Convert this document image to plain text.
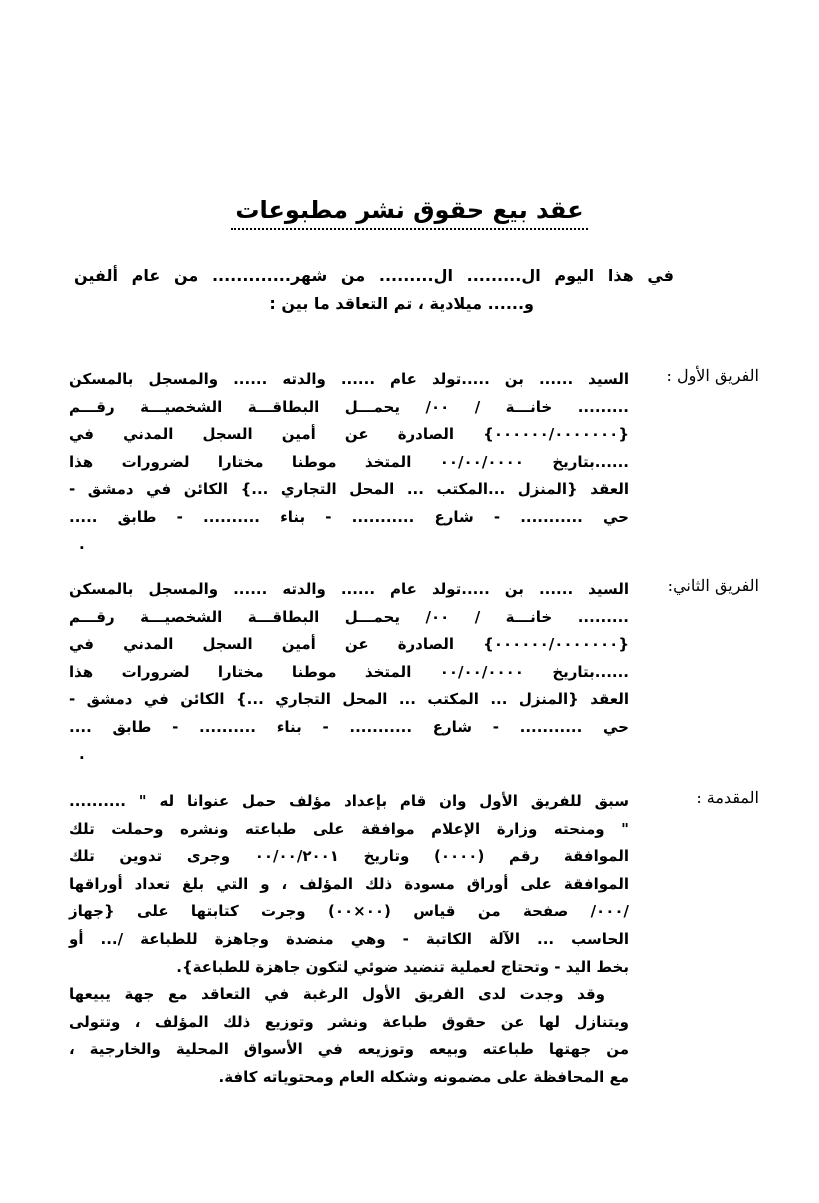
عقد بيع حقوق نشر مطبوعات
في هذا اليوم ال......... ال......... من شهر............. من عام ألفين
و...... ميلادية ، تم التعاقد ما بين :
الفريق الأول :
السيد ...... بن .....تولد عام ...... والدته ...... والمسجل بالمسكن
......... خانـــة / ٠٠/ يحمـــل البطاقـــة الشخصيـــة رقـــم
{٠٠٠٠٠٠/٠٠٠٠٠٠٠} الصادرة عن أمين السجل المدني في
......بتاريخ ٠٠/٠٠/٠٠٠٠ المتخذ موطنا مختارا لضرورات هذا
العقد {المنزل ...المكتب ... المحل التجاري ...} الكائن في دمشق -
حي ........... - شارع ........... - بناء .......... - طابق .....
.
الفريق الثاني:
السيد ...... بن .....تولد عام ...... والدته ...... والمسجل بالمسكن
......... خانـــة / ٠٠/ يحمـــل البطاقـــة الشخصيـــة رقـــم
{٠٠٠٠٠٠/٠٠٠٠٠٠٠} الصادرة عن أمين السجل المدني في
......بتاريخ ٠٠/٠٠/٠٠٠٠ المتخذ موطنا مختارا لضرورات هذا
العقد {المنزل ... المكتب ... المحل التجاري ...} الكائن في دمشق -
حي ........... - شارع ........... - بناء .......... - طابق ....
.
المقدمة :
سبق للفريق الأول وان قام بإعداد مؤلف حمل عنوانا له " ..........
" ومنحته وزارة الإعلام موافقة على طباعته ونشره وحملت تلك
الموافقة رقم (٠٠٠٠) وتاريخ ٠٠/٠٠/٢٠٠١ وجرى تدوين تلك
الموافقة على أوراق مسودة ذلك المؤلف ، و التي بلغ تعداد أوراقها
/٠٠٠/ صفحة من قياس (٠٠×٠٠) وجرت كتابتها على {جهاز
الحاسب ... الآلة الكاتبة - وهي منضدة وجاهزة للطباعة /... أو
بخط اليد - وتحتاج لعملية تنضيد ضوئي لتكون جاهزة للطباعة}.
وقد وجدت لدى الفريق الأول الرغبة في التعاقد مع جهة يبيعها
ويتنازل لها عن حقوق طباعة ونشر وتوزيع ذلك المؤلف ، وتتولى
من جهتها طباعته وبيعه وتوزيعه في الأسواق المحلية والخارجية ،
مع المحافظة على مضمونه وشكله العام ومحتوياته كافة.
